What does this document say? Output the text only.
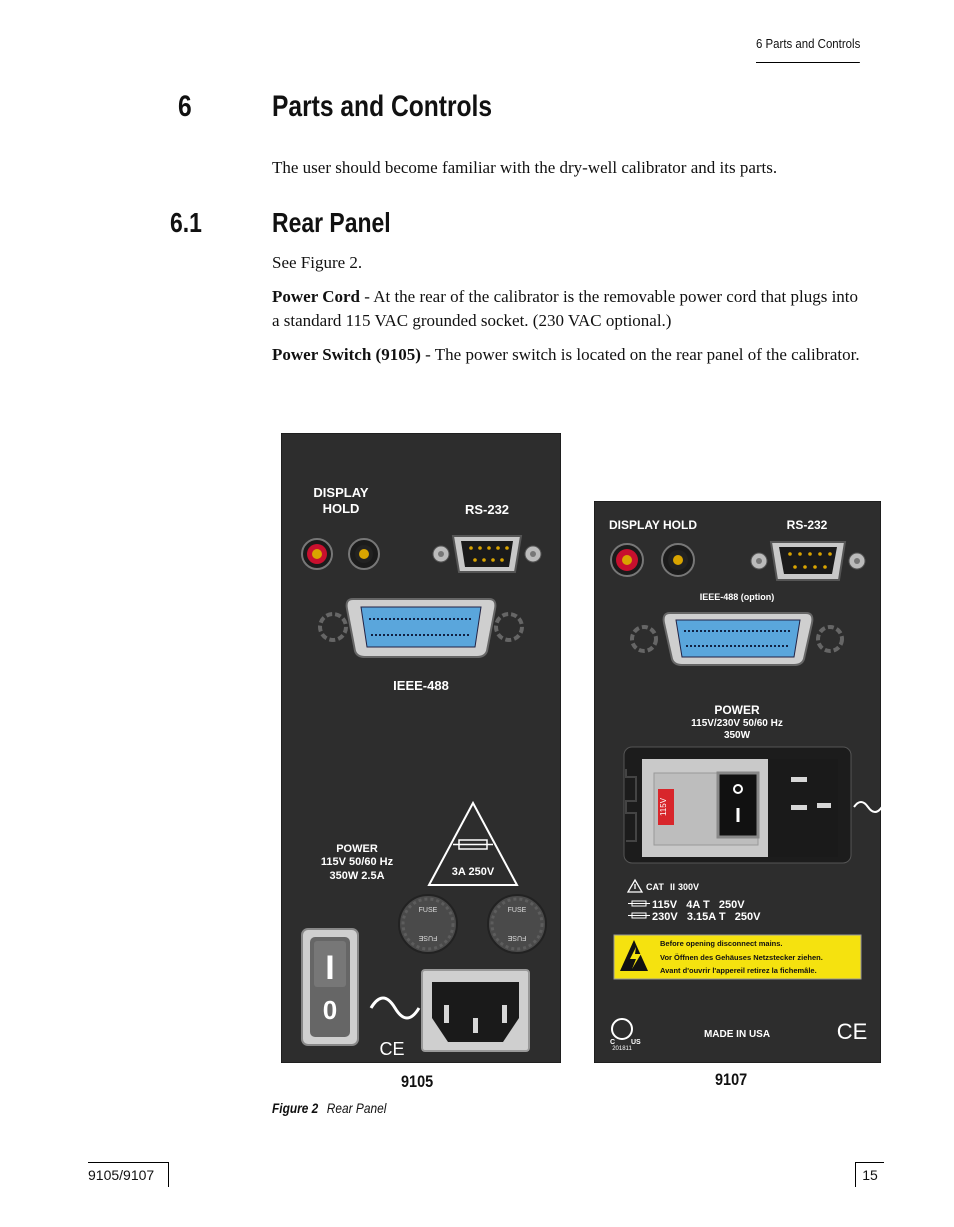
6 Parts and Controls
6	Parts and Controls
The user should become familiar with the dry-well calibrator and its parts.
6.1	Rear Panel
See Figure 2.
Power Cord - At the rear of the calibrator is the removable power cord that plugs into a standard 115 VAC grounded socket. (230 VAC optional.)
Power Switch (9105) - The power switch is located on the rear panel of the calibrator.
DISPLAY
HOLD	RS-232
IEEE-488
POWER
115V 50/60 Hz
350W 2.5A	3A 250V
FUSE
FUSE
FUSE
FUSE
I
0
CE
DISPLAY HOLD	RS-232
IEEE-488 (option)
POWER
115V/230V 50/60 Hz
350W
115V
CAT II 300V
115V   4A T   250V
230V   3.15A T   250V
Before opening disconnect mains.
Vor Öffnen des Gehäuses Netzstecker ziehen.
Avant d'ouvrir l'appereil retirez la fichemâle.
C US
201811
MADE IN USA	CE
9105	9107
Figure 2 Rear Panel
9105/9107	15
